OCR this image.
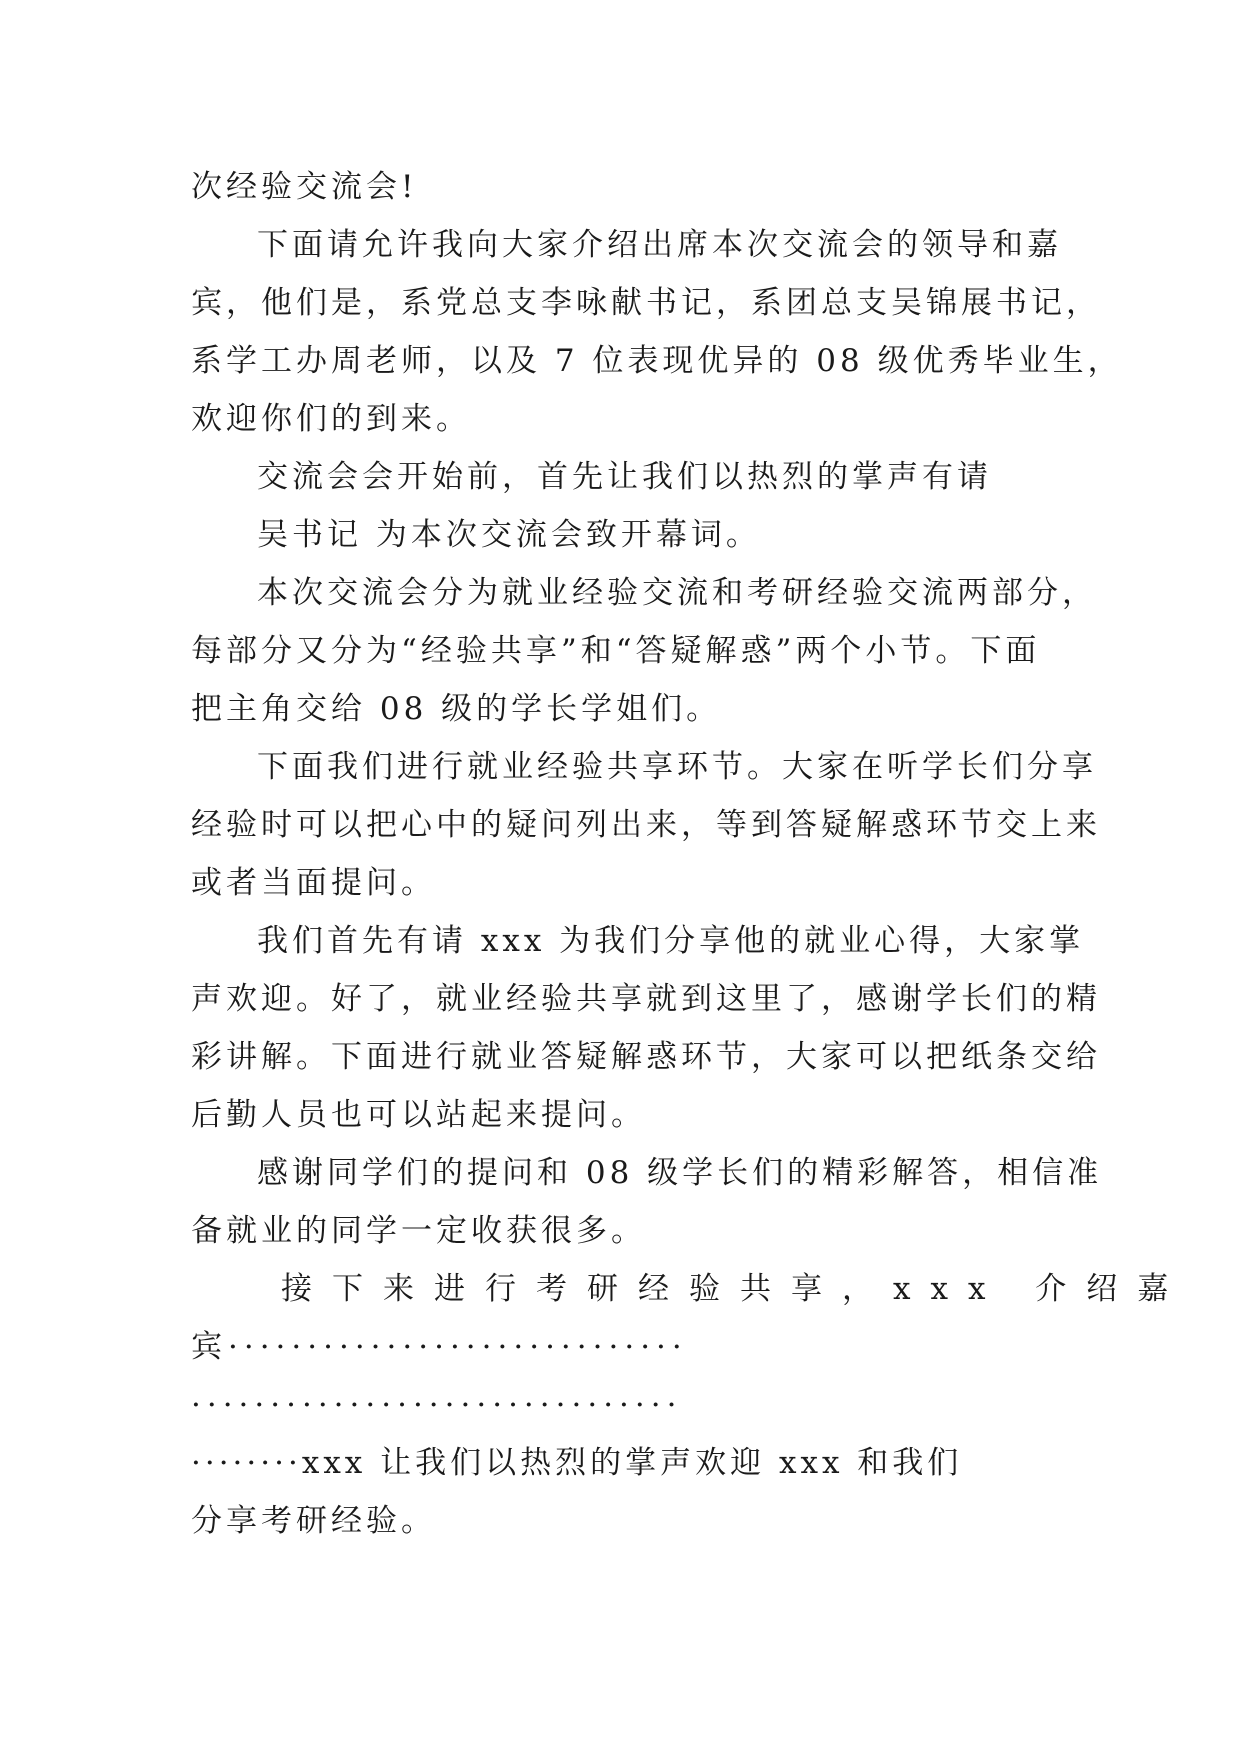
次经验交流会!
下面请允许我向大家介绍出席本次交流会的领导和嘉
宾，他们是，系党总支李咏献书记，系团总支吴锦展书记，
系学工办周老师，以及 7 位表现优异的 08 级优秀毕业生，
欢迎你们的到来。
交流会会开始前，首先让我们以热烈的掌声有请
吴书记 为本次交流会致开幕词。
本次交流会分为就业经验交流和考研经验交流两部分，
每部分又分为“经验共享”和“答疑解惑”两个小节。下面
把主角交给 08 级的学长学姐们。
下面我们进行就业经验共享环节。大家在听学长们分享
经验时可以把心中的疑问列出来，等到答疑解惑环节交上来
或者当面提问。
我们首先有请 xxx 为我们分享他的就业心得，大家掌
声欢迎。好了，就业经验共享就到这里了，感谢学长们的精
彩讲解。下面进行就业答疑解惑环节，大家可以把纸条交给
后勤人员也可以站起来提问。
感谢同学们的提问和 08 级学长们的精彩解答，相信准
备就业的同学一定收获很多。
接下来进行考研经验共享，xxx 介绍嘉
宾·····························
·······························
········xxx 让我们以热烈的掌声欢迎 xxx 和我们
分享考研经验。
